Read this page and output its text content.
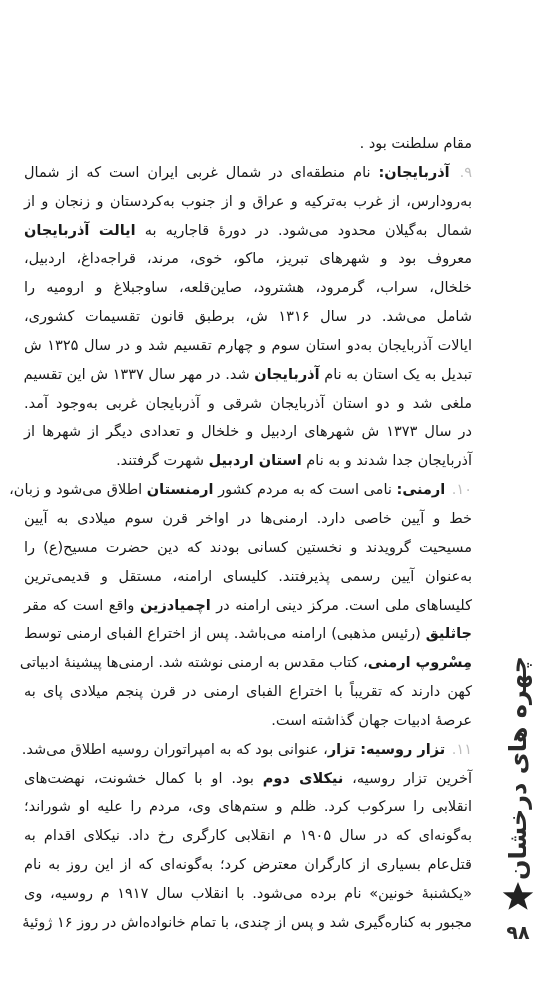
مقام سلطنت بود .
۹. آذربایجان: نام منطقه‌ای در شمال غربی ایران است که از شمال
به‌رودارس، از غرب به‌ترکیه و عراق و از جنوب به‌کردستان و زنجان و از
شمال به‌گیلان محدود می‌شود. در دورهٔ قاجاریه به ایالت آذربایجان
معروف بود و شهرهای تبریز، ماکو، خوی، مرند، قراجه‌داغ، اردبیل،
خلخال، سراب، گرمرود، هشترود، صاین‌قلعه، ساوجبلاغ و ارومیه را
شامل می‌شد. در سال ۱۳۱۶ ش، برطبق قانون تقسیمات کشوری،
ایالات آذربایجان به‌دو استان سوم و چهارم تقسیم شد و در سال ۱۳۲۵ ش
تبدیل به یک استان به نام آذربایجان شد. در مهر سال ۱۳۳۷ ش این تقسیم
ملغی شد و دو استان آذربایجان شرقی و آذربایجان غربی به‌وجود آمد.
در سال ۱۳۷۳ ش شهرهای اردبیل و خلخال و تعدادی دیگر از شهرها از
آذربایجان جدا شدند و به نام استان اردبیل شهرت گرفتند.
۱۰. ارمنی: نامی است که به مردم کشور ارمنستان اطلاق می‌شود و زبان،
خط و آیین خاصی دارد. ارمنی‌ها در اواخر قرن سوم میلادی به آیین
مسیحیت گرویدند و نخستین کسانی بودند که دین حضرت مسیح(ع) را
به‌عنوان آیین رسمی پذیرفتند. کلیسای ارامنه، مستقل و قدیمی‌ترین
کلیساهای ملی است. مرکز دینی ارامنه در اچمیادزین واقع است که مقر
جاثلیق (رئیس مذهبی) ارامنه می‌باشد. پس از اختراع الفبای ارمنی توسط
مِسْروپ ارمنی، کتاب مقدس به ارمنی نوشته شد. ارمنی‌ها پیشینهٔ ادبیاتی
کهن دارند که تقریباً با اختراع الفبای ارمنی در قرن پنجم میلادی پای به
عرصهٔ ادبیات جهان گذاشته است.
۱۱. تزار روسیه: تزار، عنوانی بود که به امپراتوران روسیه اطلاق می‌شد.
آخرین تزار روسیه، نیکلای دوم بود. او با کمال خشونت، نهضت‌های
انقلابی را سرکوب کرد. ظلم و ستم‌های وی، مردم را علیه او شوراند؛
به‌گونه‌ای که در سال ۱۹۰۵ م انقلابی کارگری رخ داد. نیکلای اقدام به
قتل‌عام بسیاری از کارگران معترض کرد؛ به‌گونه‌ای که از این روز به نام
«یکشنبهٔ خونین» نام برده می‌شود. با انقلاب سال ۱۹۱۷ م روسیه، وی
مجبور به کناره‌گیری شد و پس از چندی، با تمام خانواده‌اش در روز ۱۶ ژوئیهٔ
چهره های درخشان
۹۸
